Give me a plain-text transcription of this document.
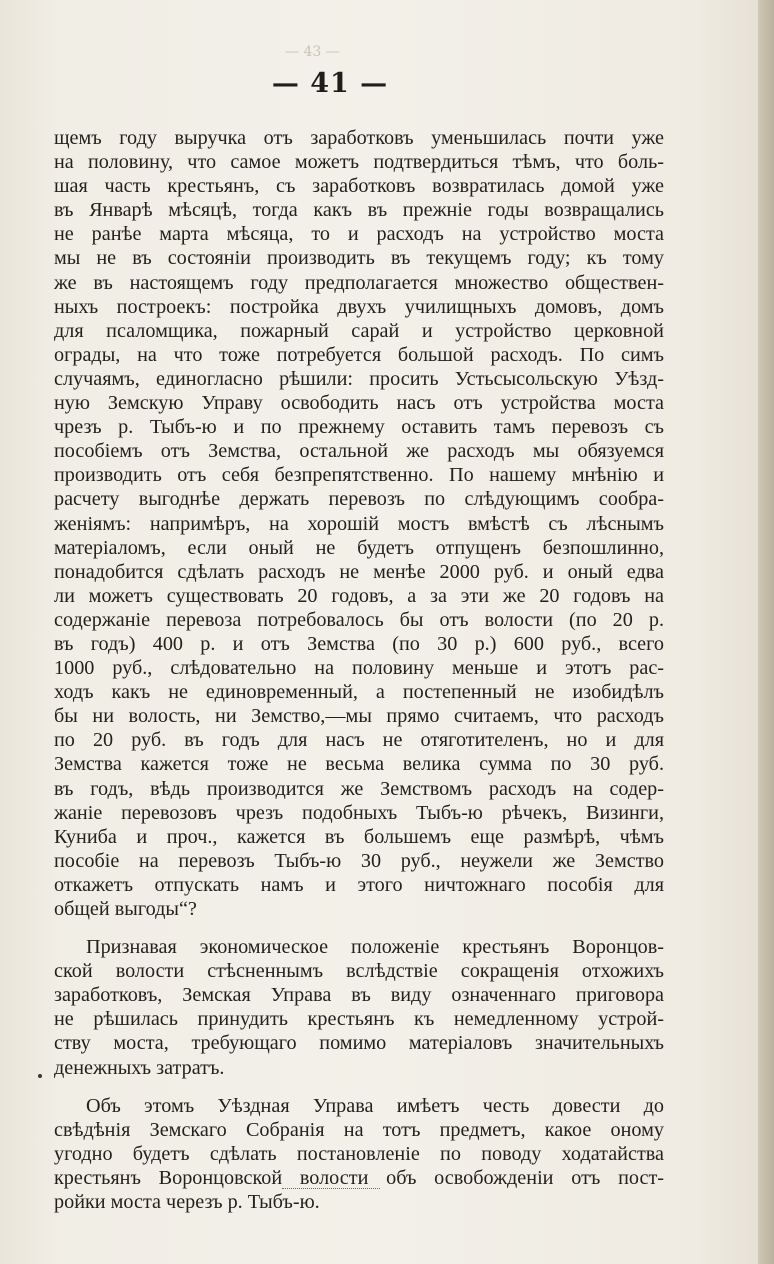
— 43 —
— 41 —
щемъ году выручка отъ заработковъ уменьшилась почти уже
на половину, что самое можетъ подтвердиться тѣмъ, что боль-
шая часть крестьянъ, съ заработковъ возвратилась домой уже
въ Январѣ мѣсяцѣ, тогда какъ въ прежніе годы возвращались
не ранѣе марта мѣсяца, то и расходъ на устройство моста
мы не въ состояніи производить въ текущемъ году; къ тому
же въ настоящемъ году предполагается множество обществен-
ныхъ построекъ: постройка двухъ училищныхъ домовъ, домъ
для псаломщика, пожарный сарай и устройство церковной
ограды, на что тоже потребуется большой расходъ. По симъ
случаямъ, единогласно рѣшили: просить Устьсысольскую Уѣзд-
ную Земскую Управу освободить насъ отъ устройства моста
чрезъ р. Тыбъ-ю и по прежнему оставить тамъ перевозъ съ
пособіемъ отъ Земства, остальной же расходъ мы обязуемся
производить отъ себя безпрепятственно. По нашему мнѣнію и
расчету выгоднѣе держать перевозъ по слѣдующимъ сообра-
женіямъ: напримѣръ, на хорошій мостъ вмѣстѣ съ лѣснымъ
матеріаломъ, если оный не будетъ отпущенъ безпошлинно,
понадобится сдѣлать расходъ не менѣе 2000 руб. и оный едва
ли можетъ существовать 20 годовъ, а за эти же 20 годовъ на
содержаніе перевоза потребовалось бы отъ волости (по 20 р.
въ годъ) 400 р. и отъ Земства (по 30 р.) 600 руб., всего
1000 руб., слѣдовательно на половину меньше и этотъ рас-
ходъ какъ не единовременный, а постепенный не изобидѣлъ
бы ни волость, ни Земство,—мы прямо считаемъ, что расходъ
по 20 руб. въ годъ для насъ не отяготителенъ, но и для
Земства кажется тоже не весьма велика сумма по 30 руб.
въ годъ, вѣдь производится же Земствомъ расходъ на содер-
жаніе перевозовъ чрезъ подобныхъ Тыбъ-ю рѣчекъ, Визинги,
Куниба и проч., кажется въ большемъ еще размѣрѣ, чѣмъ
пособіе на перевозъ Тыбъ-ю 30 руб., неужели же Земство
откажетъ отпускать намъ и этого ничтожнаго пособія для
общей выгоды“?
Признавая экономическое положеніе крестьянъ Воронцов-
ской волости стѣсненнымъ вслѣдствіе сокращенія отхожихъ
заработковъ, Земская Управа въ виду означеннаго приговора
не рѣшилась принудить крестьянъ къ немедленному устрой-
ству моста, требующаго помимо матеріаловъ значительныхъ
денежныхъ затратъ.
Объ этомъ Уѣздная Управа имѣетъ честь довести до
свѣдѣнія Земскаго Собранія на тотъ предметъ, какое оному
угодно будетъ сдѣлать постановленіе по поводу ходатайства
крестьянъ Воронцовской волости объ освобожденіи отъ пост-
ройки моста черезъ р. Тыбъ-ю.
